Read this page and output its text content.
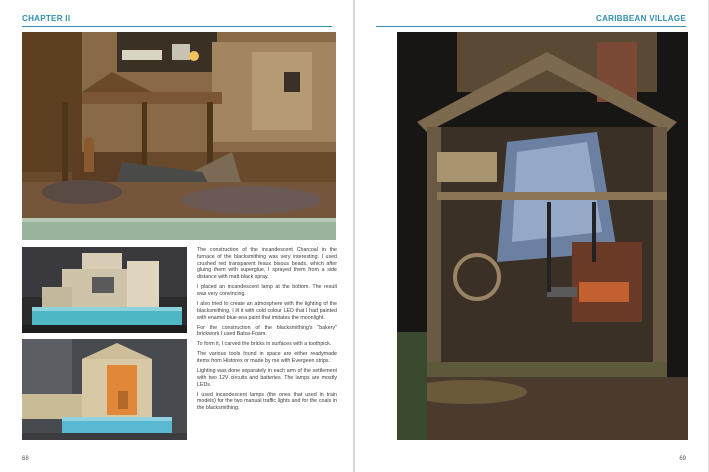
CHAPTER II

The construction of the incandescent Charcoal in the furnace of the blacksmithing was very interesting. I used crushed red transparent feaux bisous beads, which after gluing them with superglue, I sprayed them from a side distance with matt black spray.

I placed an incandescent lamp at the bottom. The result was very convincing.

I also tried to create an atmosphere with the lighting of the blacksmithing. I lit it with cold colour LED that I had painted with enamel blue-sea paint that imitates the moonlight.

For the construction of the blacksmithing's "bakery" brickwork I used Balsa-Foam.

To form it, I carved the bricks in surfaces with a toothpick.

The various tools found in space are either readymade items from Historex or made by me with Evergeen strips.

Lighting was done separately in each arm of the settlement with two 12V circuits and batteries. The lamps are mostly LEDs.

I used incandescent lamps (the ones that used in train models) for the two manual traffic lights and for the coals in the blacksmithing.

68
CARIBBEAN VILLAGE
69
